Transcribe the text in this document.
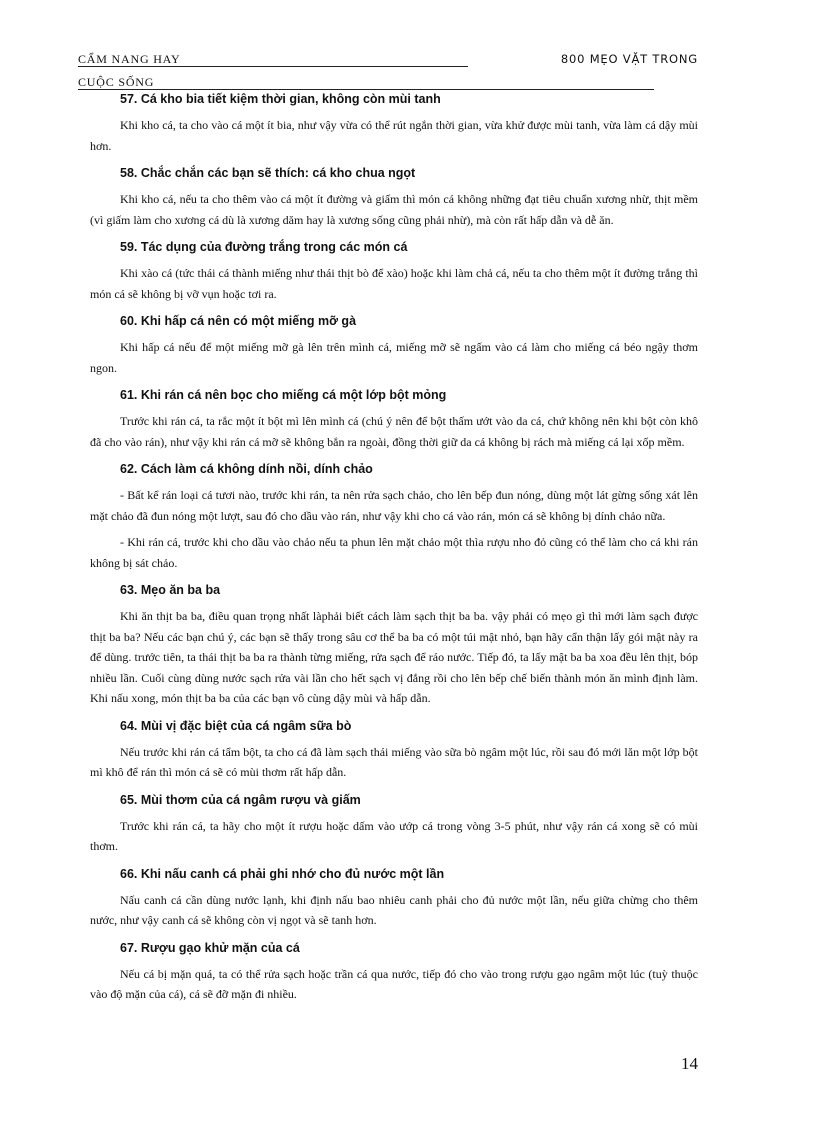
CẨM NANG HAY	800 MẸO VẶT TRONG
CUỘC SỐNG
57. Cá kho bia tiết kiệm thời gian, không còn mùi tanh

Khi kho cá, ta cho vào cá một ít bia, như vậy vừa có thể rút ngắn thời gian, vừa khử được mùi tanh, vừa làm cá dậy mùi hơn.

58. Chắc chắn các bạn sẽ thích: cá kho chua ngọt

Khi kho cá, nếu ta cho thêm vào cá một ít đường và giấm thì món cá không những đạt tiêu chuẩn xương nhừ, thịt mềm (vì giấm làm cho xương cá dù là xương dăm hay là xương sống cũng phải nhừ), mà còn rất hấp dẫn và dễ ăn.

59. Tác dụng của đường trắng trong các món cá

Khi xào cá (tức thái cá thành miếng như thái thịt bò để xào) hoặc khi làm chả cá, nếu ta cho thêm một ít đường trắng thì món cá sẽ không bị vỡ vụn hoặc tơi ra.

60. Khi hấp cá nên có một miếng mỡ gà

Khi hấp cá nếu để một miếng mỡ gà lên trên mình cá, miếng mỡ sẽ ngấm vào cá làm cho miếng cá béo ngậy thơm ngon.

61. Khi rán cá nên bọc cho miếng cá một lớp bột mỏng

Trước khi rán cá, ta rắc một ít bột mì lên mình cá (chú ý nên để bột thấm ướt vào da cá, chứ không nên khi bột còn khô đã cho vào rán), như vậy khi rán cá mỡ sẽ không bắn ra ngoài, đồng thời giữ da cá không bị rách mà miếng cá lại xốp mềm.

62. Cách làm cá không dính nồi, dính chảo

- Bất kể rán loại cá tươi nào, trước khi rán, ta nên rửa sạch chảo, cho lên bếp đun nóng, dùng một lát gừng sống xát lên mặt chảo đã đun nóng một lượt, sau đó cho dầu vào rán, như vậy khi cho cá vào rán, món cá sẽ không bị dính chảo nữa.

- Khi rán cá, trước khi cho dầu vào chảo nếu ta phun lên mặt chảo một thìa rượu nho đỏ cũng có thể làm cho cá khi rán không bị sát chảo.

63. Mẹo ăn ba ba

Khi ăn thịt ba ba, điều quan trọng nhất làphải biết cách làm sạch thịt ba ba. vậy phải có mẹo gì thì mới làm sạch được thịt ba ba? Nếu các bạn chú ý, các bạn sẽ thấy trong sâu cơ thể ba ba có một túi mật nhỏ, bạn hãy cẩn thận lấy gói mật này ra để dùng. trước tiên, ta thái thịt ba ba ra thành từng miếng, rửa sạch để ráo nước. Tiếp đó, ta lấy mật ba ba xoa đều lên thịt, bóp nhiều lần. Cuối cùng dùng nước sạch rửa vài lần cho hết sạch vị đắng rồi cho lên bếp chế biến thành món ăn mình định làm. Khi nấu xong, món thịt ba ba của các bạn vô cùng dậy mùi và hấp dẫn.

64. Mùi vị đặc biệt của cá ngâm sữa bò

Nếu trước khi rán cá tẩm bột, ta cho cá đã làm sạch thái miếng vào sữa bò ngâm một lúc, rồi sau đó mới lăn một lớp bột mì khô để rán thì món cá sẽ có mùi thơm rất hấp dẫn.

65. Mùi thơm của cá ngâm rượu và giấm

Trước khi rán cá, ta hãy cho một ít rượu hoặc dấm vào ướp cá trong vòng 3-5 phút, như vậy rán cá xong sẽ có mùi thơm.

66. Khi nấu canh cá phải ghi nhớ cho đủ nước một lần

Nấu canh cá cần dùng nước lạnh, khi định nấu bao nhiêu canh phải cho đủ nước một lần, nếu giữa chừng cho thêm nước, như vậy canh cá sẽ không còn vị ngọt và sẽ tanh hơn.

67. Rượu gạo khử mặn của cá

Nếu cá bị mặn quá, ta có thể rửa sạch hoặc trần cá qua nước, tiếp đó cho vào trong rượu gạo ngâm một lúc (tuỳ thuộc vào độ mặn của cá), cá sẽ đỡ mặn đi nhiều.

14
